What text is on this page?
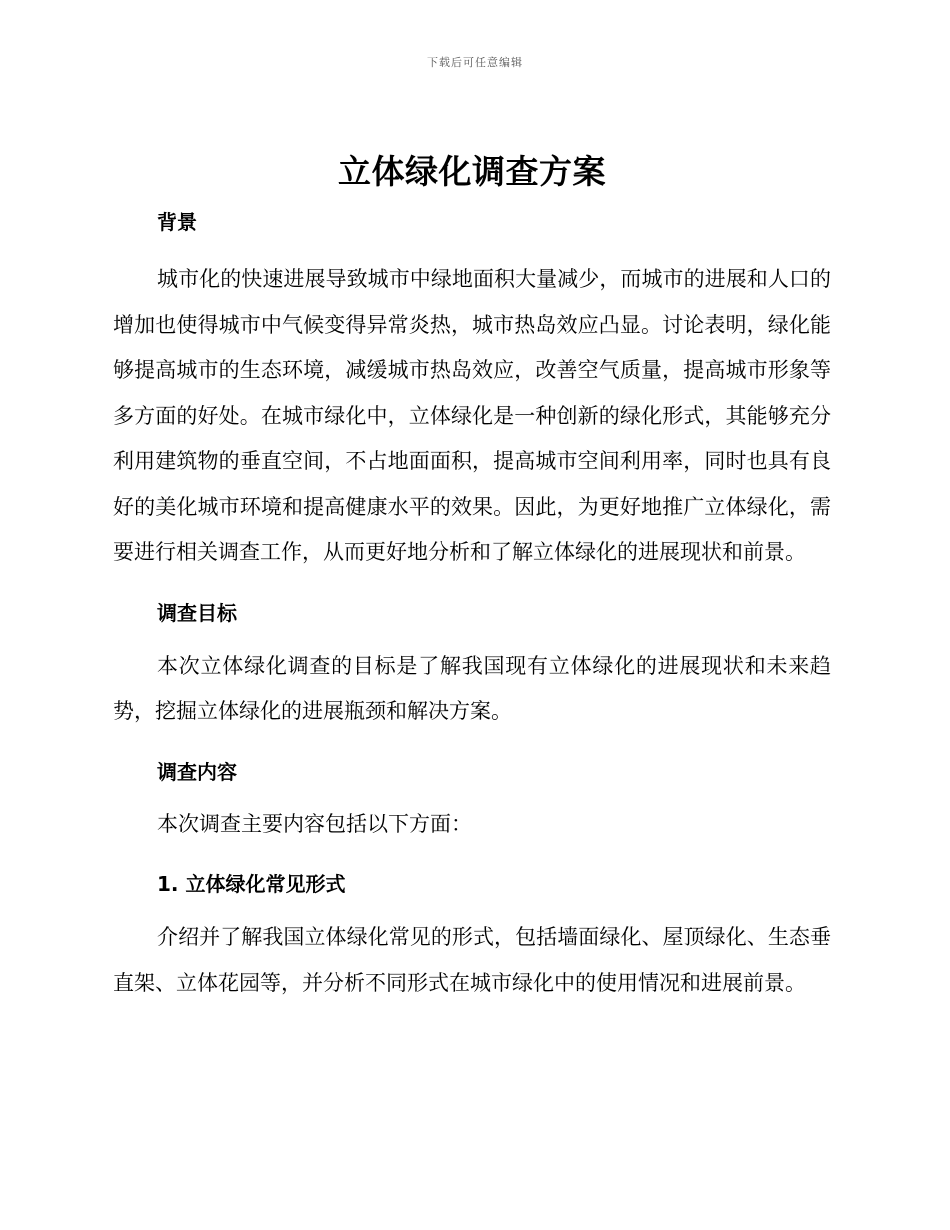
下载后可任意编辑
立体绿化调查方案
背景

城市化的快速进展导致城市中绿地面积大量减少，而城市的进展和人口的增加也使得城市中气候变得异常炎热，城市热岛效应凸显。讨论表明，绿化能够提高城市的生态环境，减缓城市热岛效应，改善空气质量，提高城市形象等多方面的好处。在城市绿化中，立体绿化是一种创新的绿化形式，其能够充分利用建筑物的垂直空间，不占地面面积，提高城市空间利用率，同时也具有良好的美化城市环境和提高健康水平的效果。因此，为更好地推广立体绿化，需要进行相关调查工作，从而更好地分析和了解立体绿化的进展现状和前景。

调查目标

本次立体绿化调查的目标是了解我国现有立体绿化的进展现状和未来趋势，挖掘立体绿化的进展瓶颈和解决方案。

调查内容

本次调查主要内容包括以下方面：

1. 立体绿化常见形式

介绍并了解我国立体绿化常见的形式，包括墙面绿化、屋顶绿化、生态垂直架、立体花园等，并分析不同形式在城市绿化中的使用情况和进展前景。
